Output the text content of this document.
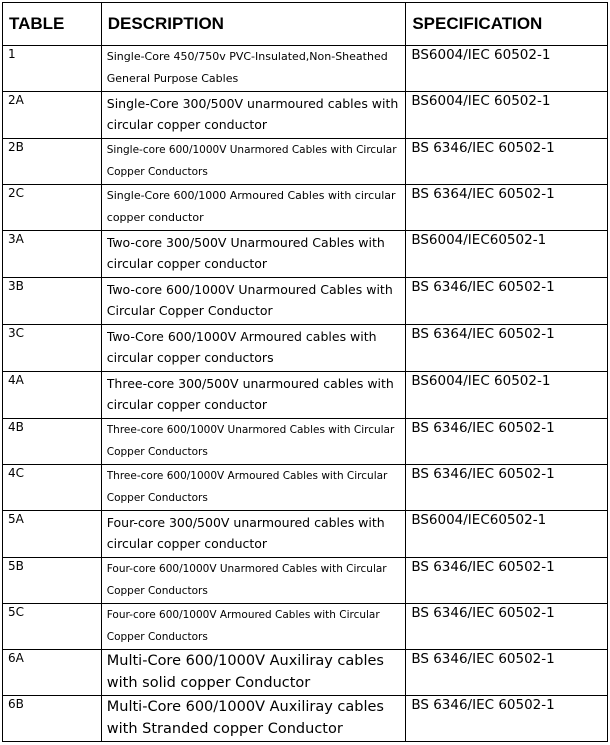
TABLE	DESCRIPTION	SPECIFICATION
1	Single-Core 450/750v PVC-Insulated,Non-Sheathed
General Purpose Cables	BS6004/IEC 60502-1
2A	Single-Core 300/500V unarmoured cables with
circular copper conductor	BS6004/IEC 60502-1
2B	Single-core 600/1000V Unarmored Cables with Circular
Copper Conductors	BS 6346/IEC 60502-1
2C	Single-Core 600/1000 Armoured Cables with circular
copper conductor	BS 6364/IEC 60502-1
3A	Two-core 300/500V Unarmoured Cables with
circular copper conductor	BS6004/IEC60502-1
3B	Two-core 600/1000V Unarmoured Cables with
Circular Copper Conductor	BS 6346/IEC 60502-1
3C	Two-Core 600/1000V Armoured cables with
circular copper conductors	BS 6364/IEC 60502-1
4A	Three-core 300/500V unarmoured cables with
circular copper conductor	BS6004/IEC 60502-1
4B	Three-core 600/1000V Unarmored Cables with Circular
Copper Conductors	BS 6346/IEC 60502-1
4C	Three-core 600/1000V Armoured Cables with Circular
Copper Conductors	BS 6346/IEC 60502-1
5A	Four-core 300/500V unarmoured cables with
circular copper conductor	BS6004/IEC60502-1
5B	Four-core 600/1000V Unarmored Cables with Circular
Copper Conductors	BS 6346/IEC 60502-1
5C	Four-core 600/1000V Armoured Cables with Circular
Copper Conductors	BS 6346/IEC 60502-1
6A	Multi-Core 600/1000V Auxiliray cables
with solid copper Conductor	BS 6346/IEC 60502-1
6B	Multi-Core 600/1000V Auxiliray cables
with Stranded copper Conductor	BS 6346/IEC 60502-1
